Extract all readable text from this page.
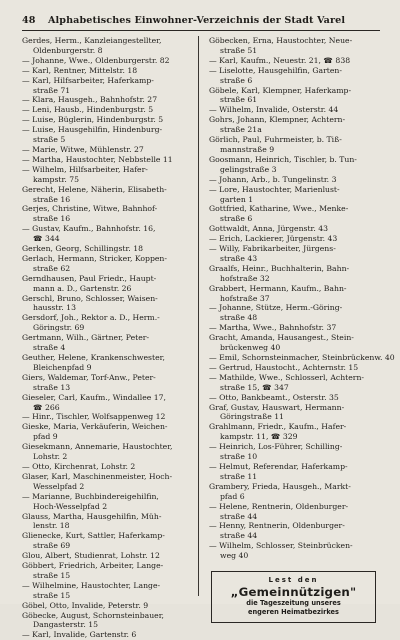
48	Alphabetisches Einwohner-Verzeichnis der Stadt Varel
Gerdes, Herm., Kanzleiangestellter,
Oldenburgerstr. 8
— Johanne, Wwe., Oldenburgerstr. 82
— Karl, Rentner, Mittelstr. 18
— Karl, Hilfsarbeiter, Haferkamp-
straße 71
— Klara, Hausgeh., Bahnhofstr. 27
— Leni, Hausb., Hindenburgstr. 5
— Luise, Büglerin, Hindenburgstr. 5
— Luise, Hausgehilfin, Hindenburg-
straße 5
— Marie, Witwe, Mühlenstr. 27
— Martha, Haustochter, Nebbstelle 11
— Wilhelm, Hilfsarbeiter, Hafer-
kampstr. 75
Gerecht, Helene, Näherin, Elisabeth-
straße 16
Gerjes, Christine, Witwe, Bahnhof-
straße 16
— Gustav, Kaufm., Bahnhofstr. 16,
☎ 344
Gerken, Georg, Schillingstr. 18
Gerlach, Hermann, Stricker, Koppen-
straße 62
Gerndhausen, Paul Friedr., Haupt-
mann a. D., Gartenstr. 26
Gerschl, Bruno, Schlosser, Waisen-
hausstr. 13
Gersdorf, Joh., Rektor a. D., Herm.-
Göringstr. 69
Gertmann, Wilh., Gärtner, Peter-
straße 4
Geuther, Helene, Krankenschwester,
Bleichenpfad 9
Giers, Waldemar, Torf-Anw., Peter-
straße 13
Gieseler, Carl, Kaufm., Windallee 17,
☎ 266
— Hinr., Tischler, Wolfsappenweg 12
Gieske, Maria, Verkäuferin, Weichen-
pfad 9
Giesekmann, Annemarie, Haustochter,
Lohstr. 2
— Otto, Kirchenrat, Lohstr. 2
Glaser, Karl, Maschinenmeister, Hoch-
Wesselpfad 2
— Marianne, Buchbindereigehilfin,
Hoch-Wesselpfad 2
Glauss, Martha, Hausgehilfin, Müh-
lenstr. 18
Glienecke, Kurt, Sattler, Haferkamp-
straße 69
Glou, Albert, Studienrat, Lohstr. 12
Göbbert, Friedrich, Arbeiter, Lange-
straße 15
— Wilhelmine, Haustochter, Lange-
straße 15
Göbel, Otto, Invalide, Peterstr. 9
Göbecke, August, Schornsteinbauer,
Dangasterstr. 15
— Karl, Invalide, Gartenstr. 6
Göbecken, Erna, Haustochter, Neue-
straße 51
— Karl, Kaufm., Neuestr. 21, ☎ 838
— Liselotte, Hausgehilfin, Garten-
straße 6
Göbele, Karl, Klempner, Haferkamp-
straße 61
— Wilhelm, Invalide, Osterstr. 44
Gohrs, Johann, Klempner, Achtern-
straße 21a
Görlich, Paul, Fuhrmeister, b. Tiß-
mannstraße 9
Goosmann, Heinrich, Tischler, b. Tun-
gelingstraße 3
— Johann, Arb., b. Tungelinstr. 3
— Lore, Haustochter, Marienlust-
garten 1
Gottfried, Katharine, Wwe., Menke-
straße 6
Gottwaldt, Anna, Jürgenstr. 43
— Erich, Lackierer, Jürgenstr. 43
— Willy, Fabrikarbeiter, Jürgens-
straße 43
Graalfs, Heinr., Buchhalterin, Bahn-
hofstraße 32
Grabbert, Hermann, Kaufm., Bahn-
hofstraße 37
— Johanne, Stütze, Herm.-Göring-
straße 48
— Martha, Wwe., Bahnhofstr. 37
Gracht, Amanda, Hausangest., Stein-
brückenweg 40
— Emil, Schornsteinmacher, Steinbrückenw. 40
— Gertrud, Haustocht., Achternstr. 15
— Mathilde, Wwe., Schlosserl, Achtern-
straße 15, ☎ 347
— Otto, Bankbeamt., Osterstr. 35
Graf, Gustav, Hauswart, Hermann-
Göringstraße 11
Grahlmann, Friedr., Kaufm., Hafer-
kampstr. 11, ☎ 329
— Heinrich, Los-Führer, Schilling-
straße 10
— Helmut, Referendar, Haferkamp-
straße 11
Grambery, Frieda, Hausgeh., Markt-
pfad 6
— Helene, Rentnerin, Oldenburger-
straße 44
— Henny, Rentnerin, Oldenburger-
straße 44
— Wilhelm, Schlosser, Steinbrücken-
weg 40
Lest den
„Gemeinnützigen"
die Tageszeitung unseres
engeren Heimatbezirkes
